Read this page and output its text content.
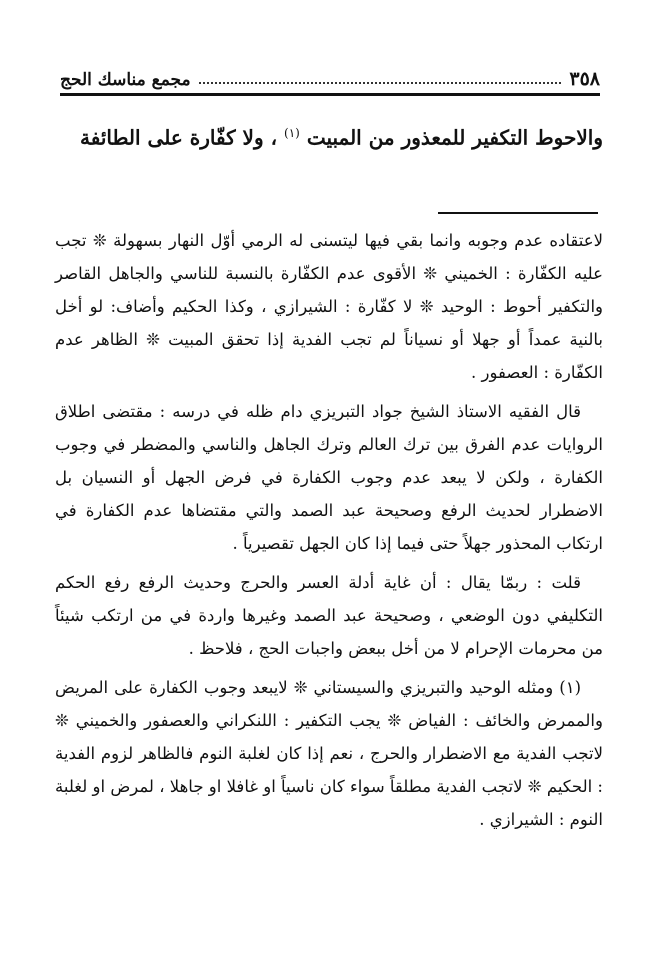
٣٥٨
مجمع مناسك الحج
والاحوط التكفير للمعذور من المبيت $^{(١)}$ ، ولا كفّارة على الطائفة

لاعتقاده عدم وجوبه وانما بقي فيها ليتسنى له الرمي أوّل النهار بسهولة ❊ تجب عليه الكفّارة : الخميني ❊ الأقوى عدم الكفّارة بالنسبة للناسي والجاهل القاصر والتكفير أحوط : الوحيد ❊ لا كفّارة : الشيرازي ، وكذا الحكيم وأضاف: لو أخل بالنية عمداً أو جهلا أو نسياناً لم تجب الفدية إذا تحقق المبيت ❊ الظاهر عدم الكفّارة : العصفور .

قال الفقيه الاستاذ الشيخ جواد التبريزي دام ظله في درسه : مقتضى اطلاق الروايات عدم الفرق بين ترك العالم وترك الجاهل والناسي والمضطر في وجوب الكفارة ، ولكن لا يبعد عدم وجوب الكفارة في فرض الجهل أو النسيان بل الاضطرار لحديث الرفع وصحيحة عبد الصمد والتي مقتضاها عدم الكفارة في ارتكاب المحذور جهلاً حتى فيما إذا كان الجهل تقصيرياً .

قلت : ربمّا يقال : أن غاية أدلة العسر والحرج وحديث الرفع رفع الحكم التكليفي دون الوضعي ، وصحيحة عبد الصمد وغيرها واردة في من ارتكب شيئاً من محرمات الإحرام لا من أخل ببعض واجبات الحج ، فلاحظ .

(١) ومثله الوحيد والتبريزي والسيستاني ❊ لايبعد وجوب الكفارة على المريض والممرض والخائف : الفياض ❊ يجب التكفير : اللنكراني والعصفور والخميني ❊ لاتجب الفدية مع الاضطرار والحرج ، نعم إذا كان لغلبة النوم فالظاهر لزوم الفدية : الحكيم ❊ لاتجب الفدية مطلقاً سواء كان ناسياً او غافلا او جاهلا ، لمرض او لغلبة النوم : الشيرازي .
